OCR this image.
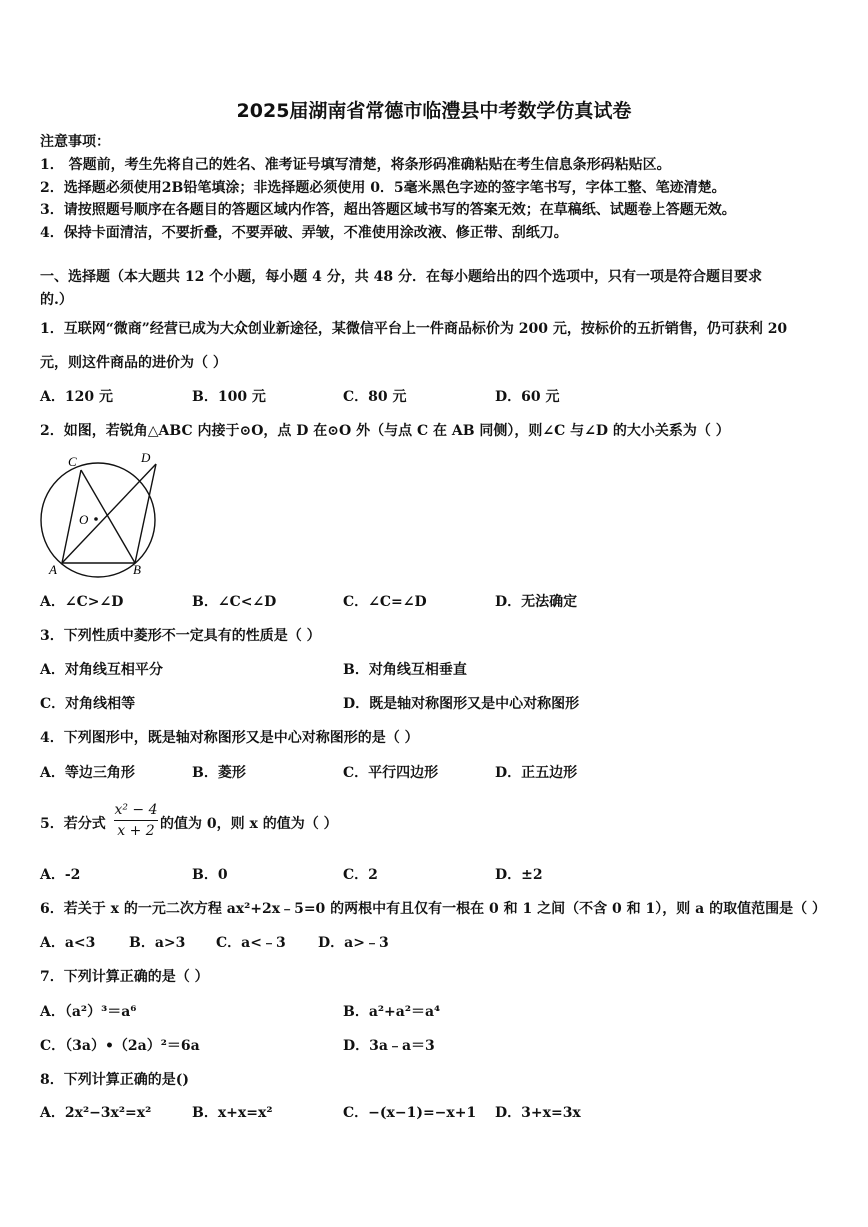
2025届湖南省常德市临澧县中考数学仿真试卷
注意事项：
1． 答题前，考生先将自己的姓名、准考证号填写清楚，将条形码准确粘贴在考生信息条形码粘贴区。
2．选择题必须使用2B铅笔填涂；非选择题必须使用 0．5毫米黑色字迹的签字笔书写，字体工整、笔迹清楚。
3．请按照题号顺序在各题目的答题区域内作答，超出答题区域书写的答案无效；在草稿纸、试题卷上答题无效。
4．保持卡面清洁，不要折叠，不要弄破、弄皱，不准使用涂改液、修正带、刮纸刀。
一、选择题（本大题共 12 个小题，每小题 4 分，共 48 分．在每小题给出的四个选项中，只有一项是符合题目要求
的.）
1．互联网“微商”经营已成为大众创业新途径，某微信平台上一件商品标价为 200 元，按标价的五折销售，仍可获利 20
元，则这件商品的进价为（ ）
A．120 元	B．100 元	C．80 元	D．60 元
2．如图，若锐角△ABC 内接于⊙O，点 D 在⊙O 外（与点 C 在 AB 同侧），则∠C 与∠D 的大小关系为（ ）
C	D
O
A	B
A．∠C>∠D	B．∠C<∠D	C．∠C=∠D	D．无法确定
3．下列性质中菱形不一定具有的性质是（ ）
A．对角线互相平分	B．对角线互相垂直
C．对角线相等	D．既是轴对称图形又是中心对称图形
4．下列图形中，既是轴对称图形又是中心对称图形的是（ ）
A．等边三角形	B．菱形	C．平行四边形	D．正五边形
5．若分式 $\frac{\text{x² − 4}}{x + 2}$ 的值为 0，则 x 的值为（ ）
A．-2	B．0	C．2	D．±2
6．若关于 x 的一元二次方程 ax²+2x﹣5=0 的两根中有且仅有一根在 0 和 1 之间（不含 0 和 1），则 a 的取值范围是（ ）
A．a<3 B．a>3 C．a<﹣3 D．a>﹣3
7．下列计算正确的是（ ）
A．（a²）³＝a⁶	B．a²+a²＝a⁴
C．（3a）•（2a）²＝6a	D．3a﹣a＝3
8．下列计算正确的是()
A．2x²−3x²=x²	B．x+x=x²	C．−(x−1)=−x+1 D．3+x=3x
